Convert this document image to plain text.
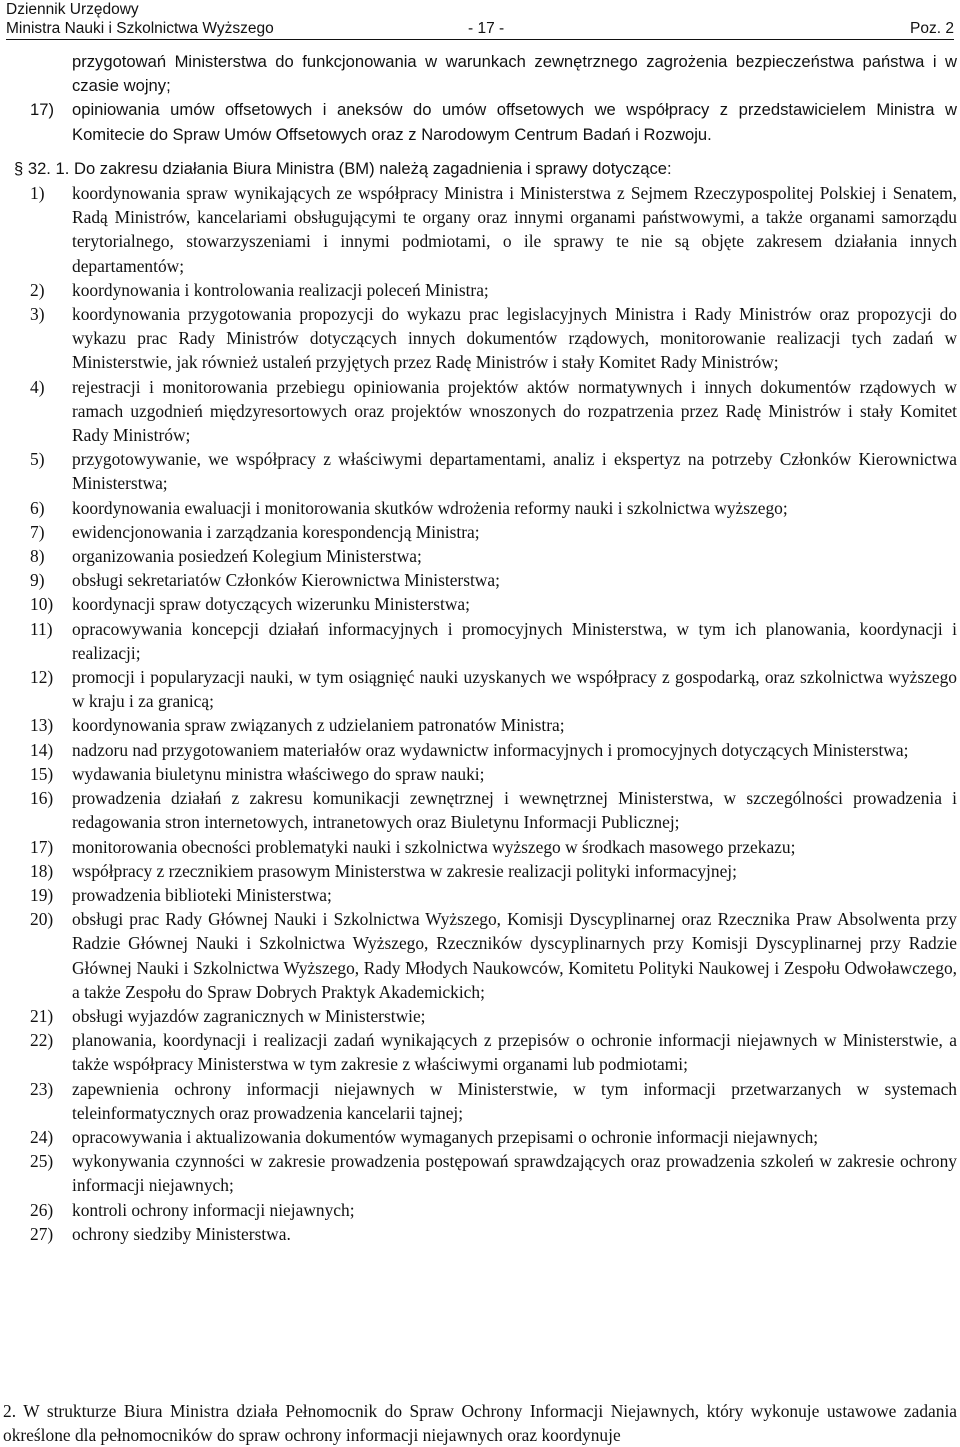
Dziennik Urzędowy
Ministra Nauki i Szkolnictwa Wyższego	- 17 -	Poz. 2
przygotowań Ministerstwa do funkcjonowania w warunkach zewnętrznego zagrożenia bezpieczeństwa państwa i w czasie wojny;
17) opiniowania umów offsetowych i aneksów do umów offsetowych we współpracy z przedstawicielem Ministra w Komitecie do Spraw Umów Offsetowych oraz z Narodowym Centrum Badań i Rozwoju.
§ 32. 1. Do zakresu działania Biura Ministra (BM) należą zagadnienia i sprawy dotyczące:
1) koordynowania spraw wynikających ze współpracy Ministra i Ministerstwa z Sejmem Rzeczypospolitej Polskiej i Senatem, Radą Ministrów, kancelariami obsługującymi te organy oraz innymi organami państwowymi, a także organami samorządu terytorialnego, stowarzyszeniami i innymi podmiotami, o ile sprawy te nie są objęte zakresem działania innych departamentów;
2) koordynowania i kontrolowania realizacji poleceń Ministra;
3) koordynowania przygotowania propozycji do wykazu prac legislacyjnych Ministra i Rady Ministrów oraz propozycji do wykazu prac Rady Ministrów dotyczących innych dokumentów rządowych, monitorowanie realizacji tych zadań w Ministerstwie, jak również ustaleń przyjętych przez Radę Ministrów i stały Komitet Rady Ministrów;
4) rejestracji i monitorowania przebiegu opiniowania projektów aktów normatywnych i innych dokumentów rządowych w ramach uzgodnień międzyresortowych oraz projektów wnoszonych do rozpatrzenia przez Radę Ministrów i stały Komitet Rady Ministrów;
5) przygotowywanie, we współpracy z właściwymi departamentami, analiz i ekspertyz na potrzeby Członków Kierownictwa Ministerstwa;
6) koordynowania ewaluacji i monitorowania skutków wdrożenia reformy nauki i szkolnictwa wyższego;
7) ewidencjonowania i zarządzania korespondencją Ministra;
8) organizowania posiedzeń Kolegium Ministerstwa;
9) obsługi sekretariatów Członków Kierownictwa Ministerstwa;
10) koordynacji spraw dotyczących wizerunku Ministerstwa;
11) opracowywania koncepcji działań informacyjnych i promocyjnych Ministerstwa, w tym ich planowania, koordynacji i realizacji;
12) promocji i popularyzacji nauki, w tym osiągnięć nauki uzyskanych we współpracy z gospodarką, oraz szkolnictwa wyższego w kraju i za granicą;
13) koordynowania spraw związanych z udzielaniem patronatów Ministra;
14) nadzoru nad przygotowaniem materiałów oraz wydawnictw informacyjnych i promocyjnych dotyczących Ministerstwa;
15) wydawania biuletynu ministra właściwego do spraw nauki;
16) prowadzenia działań z zakresu komunikacji zewnętrznej i wewnętrznej Ministerstwa, w szczególności prowadzenia i redagowania stron internetowych, intranetowych oraz Biuletynu Informacji Publicznej;
17) monitorowania obecności problematyki nauki i szkolnictwa wyższego w środkach masowego przekazu;
18) współpracy z rzecznikiem prasowym Ministerstwa w zakresie realizacji polityki informacyjnej;
19) prowadzenia biblioteki Ministerstwa;
20) obsługi prac Rady Głównej Nauki i Szkolnictwa Wyższego, Komisji Dyscyplinarnej oraz Rzecznika Praw Absolwenta przy Radzie Głównej Nauki i Szkolnictwa Wyższego, Rzeczników dyscyplinarnych przy Komisji Dyscyplinarnej przy Radzie Głównej Nauki i Szkolnictwa Wyższego, Rady Młodych Naukowców, Komitetu Polityki Naukowej i Zespołu Odwoławczego, a także Zespołu do Spraw Dobrych Praktyk Akademickich;
21) obsługi wyjazdów zagranicznych w Ministerstwie;
22) planowania, koordynacji i realizacji zadań wynikających z przepisów o ochronie informacji niejawnych w Ministerstwie, a także współpracy Ministerstwa w tym zakresie z właściwymi organami lub podmiotami;
23) zapewnienia ochrony informacji niejawnych w Ministerstwie, w tym informacji przetwarzanych w systemach teleinformatycznych oraz prowadzenia kancelarii tajnej;
24) opracowywania i aktualizowania dokumentów wymaganych przepisami o ochronie informacji niejawnych;
25) wykonywania czynności w zakresie prowadzenia postępowań sprawdzających oraz prowadzenia szkoleń w zakresie ochrony informacji niejawnych;
26) kontroli ochrony informacji niejawnych;
27) ochrony siedziby Ministerstwa.
2. W strukturze Biura Ministra działa Pełnomocnik do Spraw Ochrony Informacji Niejawnych, który wykonuje ustawowe zadania określone dla pełnomocników do spraw ochrony informacji niejawnych oraz koordynuje
